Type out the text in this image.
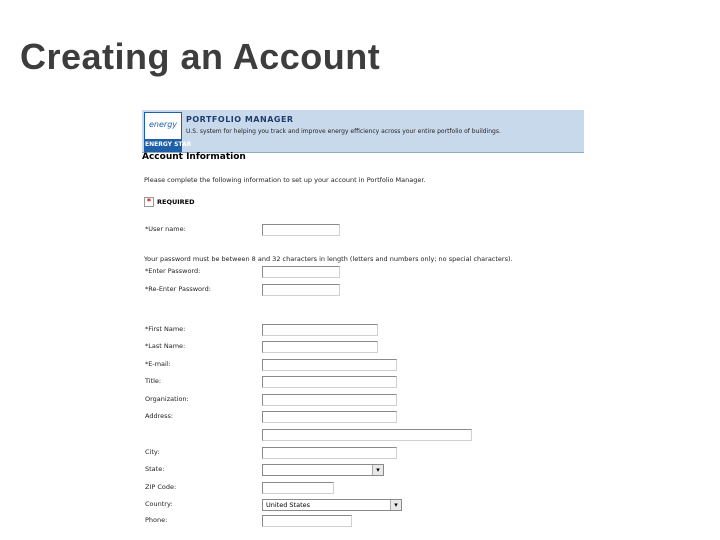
Creating an Account
energy
ENERGY STAR
PORTFOLIO MANAGER
U.S. system for helping you track and improve energy efficiency across your entire portfolio of buildings.
Account Information
Please complete the following information to set up your account in Portfolio Manager.
* REQUIRED
*User name:
Your password must be between 8 and 32 characters in length (letters and numbers only; no special characters).
*Enter Password:
*Re-Enter Password:
*First Name:
*Last Name:
*E-mail:
Title:
Organization:
Address:
City:
State:	▾
ZIP Code:
Country:	United States	▾
Phone:
